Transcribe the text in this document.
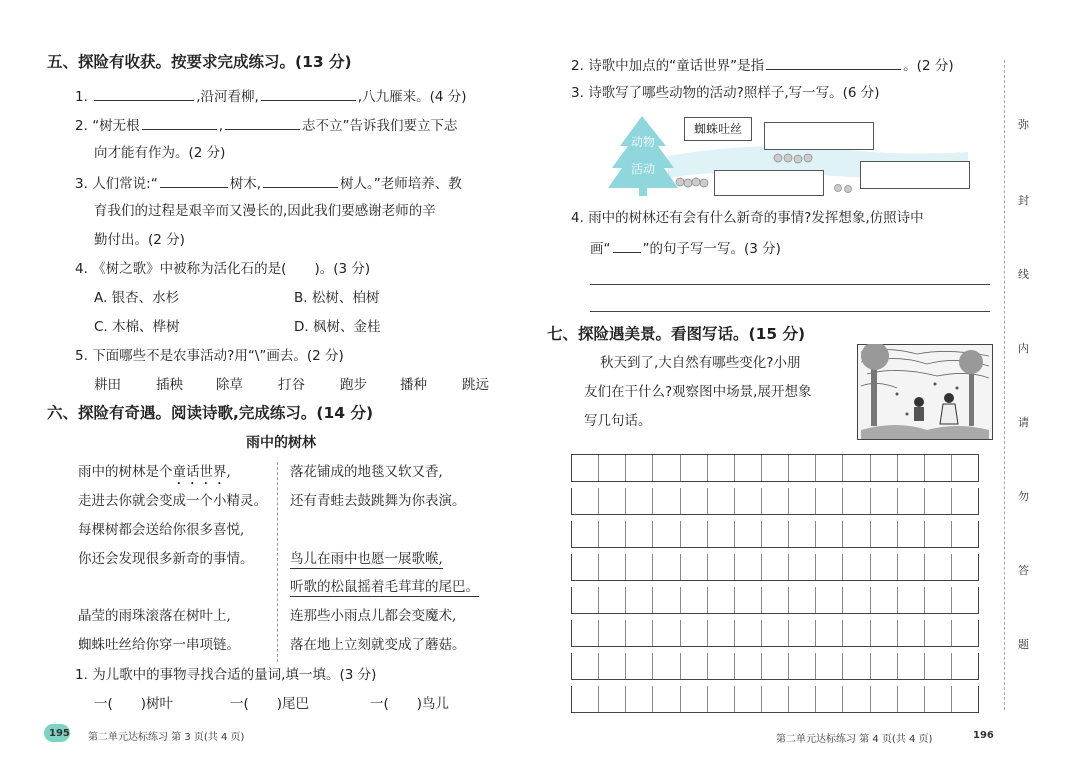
五、探险有收获。按要求完成练习。(13 分)
1.	,沿河看柳,	,八九雁来。(4 分)
2. “树无根	,	志不立”告诉我们要立下志
向才能有作为。(2 分)
3. 人们常说:“	树木,	树人。”老师培养、教
育我们的过程是艰辛而又漫长的,因此我们要感谢老师的辛
勤付出。(2 分)
4. 《树之歌》中被称为活化石的是( )。(3 分)
A. 银杏、水杉	B. 松树、柏树
C. 木棉、桦树	D. 枫树、金桂
5. 下面哪些不是农事活动?用“\”画去。(2 分)
耕田	插秧 除草	打谷	跑步 播种	跳远
六、探险有奇遇。阅读诗歌,完成练习。(14 分)
雨中的树林
雨中的树林是个童话世界,
走进去你就会变成一个小精灵。
每棵树都会送给你很多喜悦,
你还会发现很多新奇的事情。
晶莹的雨珠滚落在树叶上,
蜘蛛吐丝给你穿一串项链。
落花铺成的地毯又软又香,
还有青蛙去鼓跳舞为你表演。
鸟儿在雨中也愿一展歌喉,
听歌的松鼠摇着毛茸茸的尾巴。
连那些小雨点儿都会变魔术,
落在地上立刻就变成了蘑菇。
1. 为儿歌中的事物寻找合适的量词,填一填。(3 分)
一( )树叶	一( )尾巴	一( )鸟儿
195 第二单元达标练习 第 3 页(共 4 页)
2. 诗歌中加点的“童话世界”是指	。(2 分)
3. 诗歌写了哪些动物的活动?照样子,写一写。(6 分)
动物
活动
蜘蛛吐丝
4. 雨中的树林还有会有什么新奇的事情?发挥想象,仿照诗中
画“ ”的句子写一写。(3 分)
七、探险遇美景。看图写话。(15 分)
秋天到了,大自然有哪些变化?小朋
友们在干什么?观察图中场景,展开想象
写几句话。
第二单元达标练习 第 4 页(共 4 页)	196
弥
封
线
内
请
勿
答
题
